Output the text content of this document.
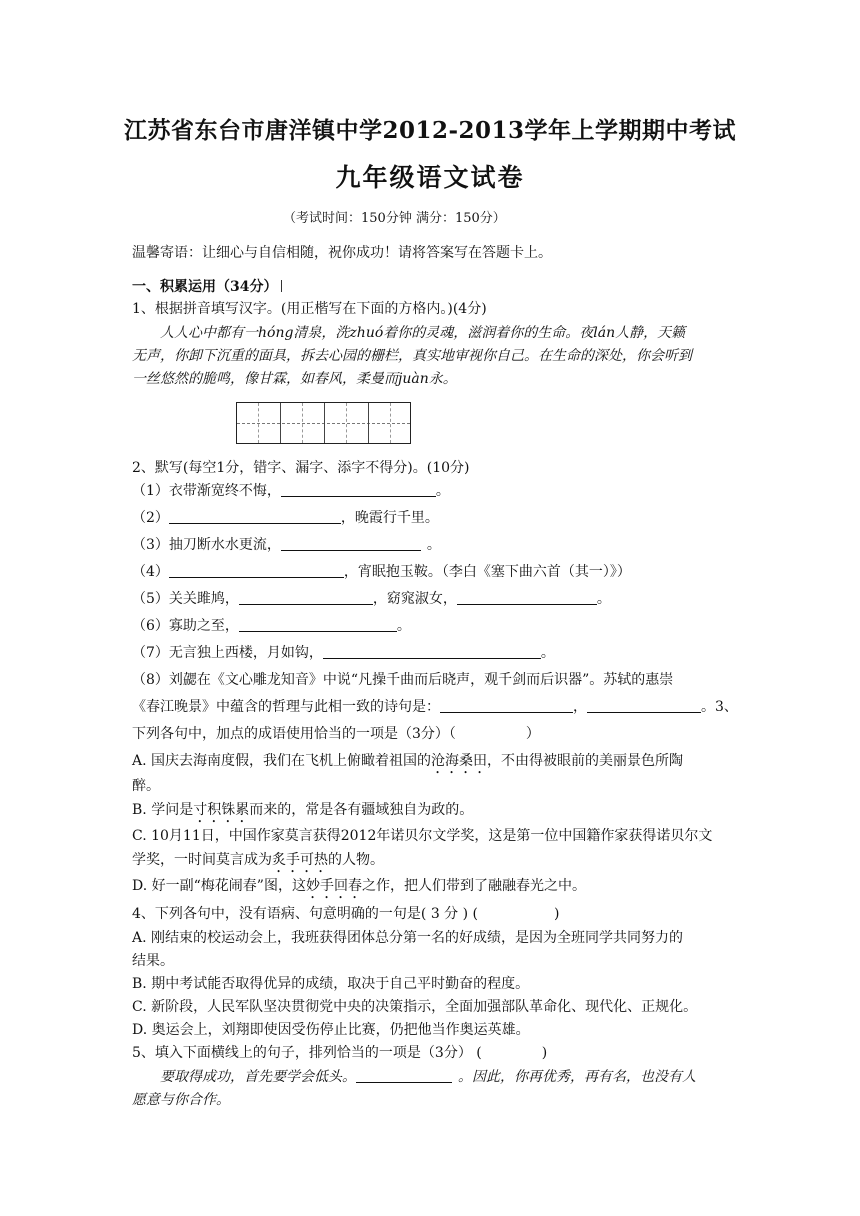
江苏省东台市唐洋镇中学2012-2013学年上学期期中考试
九年级语文试卷
（考试时间：150分钟 满分：150分）
温馨寄语：让细心与自信相随，祝你成功！请将答案写在答题卡上。
一、积累运用（34分）
1、根据拼音填写汉字。(用正楷写在下面的方格内。)(4分)
人人心中都有一hóng清泉，洗zhuó着你的灵魂，滋润着你的生命。夜lán人静，天籁
无声，你卸下沉重的面具，拆去心园的栅栏，真实地审视你自己。在生命的深处，你会听到
一丝悠然的脆鸣，像甘霖，如春风，柔曼而juàn永。
2、默写(每空1分，错字、漏字、添字不得分)。(10分)
（1）衣带渐宽终不悔，	。
（2）	，晚霞行千里。
（3）抽刀断水水更流，	。
（4）	，宵眠抱玉鞍。（李白《塞下曲六首（其一）》）
（5）关关雎鸠，	，窈窕淑女，	。
（6）寡助之至，	。
（7）无言独上西楼，月如钩，	。
（8）刘勰在《文心雕龙知音》中说“凡操千曲而后晓声，观千剑而后识器”。苏轼的惠崇
《春江晚景》中蕴含的哲理与此相一致的诗句是：	，	。3、
下列各句中，加点的成语使用恰当的一项是（3分）（	）
A. 国庆去海南度假，我们在飞机上俯瞰着祖国的沧海桑田，不由得被眼前的美丽景色所陶
醉。
B. 学问是寸积铢累而来的，常是各有疆域独自为政的。
C. 10月11日，中国作家莫言获得2012年诺贝尔文学奖，这是第一位中国籍作家获得诺贝尔文
学奖，一时间莫言成为炙手可热的人物。
D. 好一副“梅花闹春”图，这妙手回春之作，把人们带到了融融春光之中。
4、下列各句中，没有语病、句意明确的一句是( 3 分 ) (	)
A. 刚结束的校运动会上，我班获得团体总分第一名的好成绩，是因为全班同学共同努力的
结果。
B. 期中考试能否取得优异的成绩，取决于自己平时勤奋的程度。
C. 新阶段，人民军队坚决贯彻党中央的决策指示，全面加强部队革命化、现代化、正规化。
D. 奥运会上，刘翔即使因受伤停止比赛，仍把他当作奥运英雄。
5、填入下面横线上的句子，排列恰当的一项是（3分） (	)
要取得成功，首先要学会低头。	。因此，你再优秀，再有名，也没有人
愿意与你合作。
